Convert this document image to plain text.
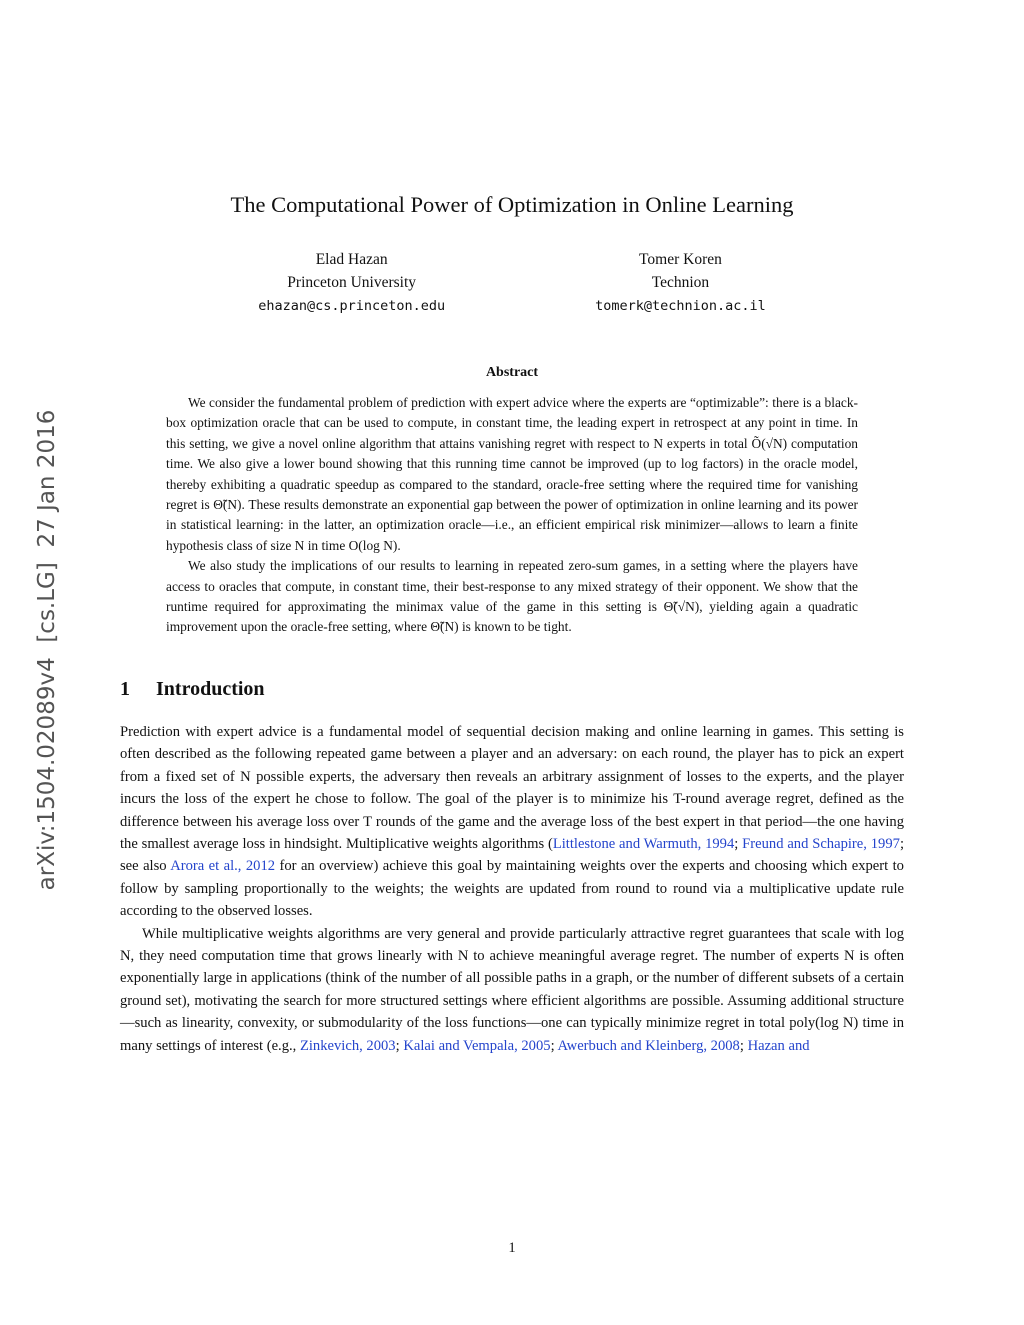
arXiv:1504.02089v4  [cs.LG]  27 Jan 2016
The Computational Power of Optimization in Online Learning
Elad Hazan
Princeton University
ehazan@cs.princeton.edu
Tomer Koren
Technion
tomerk@technion.ac.il
Abstract

We consider the fundamental problem of prediction with expert advice where the experts are “optimizable”: there is a black-box optimization oracle that can be used to compute, in constant time, the leading expert in retrospect at any point in time. In this setting, we give a novel online algorithm that attains vanishing regret with respect to N experts in total Õ(√N) computation time. We also give a lower bound showing that this running time cannot be improved (up to log factors) in the oracle model, thereby exhibiting a quadratic speedup as compared to the standard, oracle-free setting where the required time for vanishing regret is Θ̃(N). These results demonstrate an exponential gap between the power of optimization in online learning and its power in statistical learning: in the latter, an optimization oracle—i.e., an efficient empirical risk minimizer—allows to learn a finite hypothesis class of size N in time O(log N).

We also study the implications of our results to learning in repeated zero-sum games, in a setting where the players have access to oracles that compute, in constant time, their best-response to any mixed strategy of their opponent. We show that the runtime required for approximating the minimax value of the game in this setting is Θ̃(√N), yielding again a quadratic improvement upon the oracle-free setting, where Θ̃(N) is known to be tight.

1 Introduction

Prediction with expert advice is a fundamental model of sequential decision making and online learning in games. This setting is often described as the following repeated game between a player and an adversary: on each round, the player has to pick an expert from a fixed set of N possible experts, the adversary then reveals an arbitrary assignment of losses to the experts, and the player incurs the loss of the expert he chose to follow. The goal of the player is to minimize his T-round average regret, defined as the difference between his average loss over T rounds of the game and the average loss of the best expert in that period—the one having the smallest average loss in hindsight. Multiplicative weights algorithms (Littlestone and Warmuth, 1994; Freund and Schapire, 1997; see also Arora et al., 2012 for an overview) achieve this goal by maintaining weights over the experts and choosing which expert to follow by sampling proportionally to the weights; the weights are updated from round to round via a multiplicative update rule according to the observed losses.

While multiplicative weights algorithms are very general and provide particularly attractive regret guarantees that scale with log N, they need computation time that grows linearly with N to achieve meaningful average regret. The number of experts N is often exponentially large in applications (think of the number of all possible paths in a graph, or the number of different subsets of a certain ground set), motivating the search for more structured settings where efficient algorithms are possible. Assuming additional structure—such as linearity, convexity, or submodularity of the loss functions—one can typically minimize regret in total poly(log N) time in many settings of interest (e.g., Zinkevich, 2003; Kalai and Vempala, 2005; Awerbuch and Kleinberg, 2008; Hazan and

1
